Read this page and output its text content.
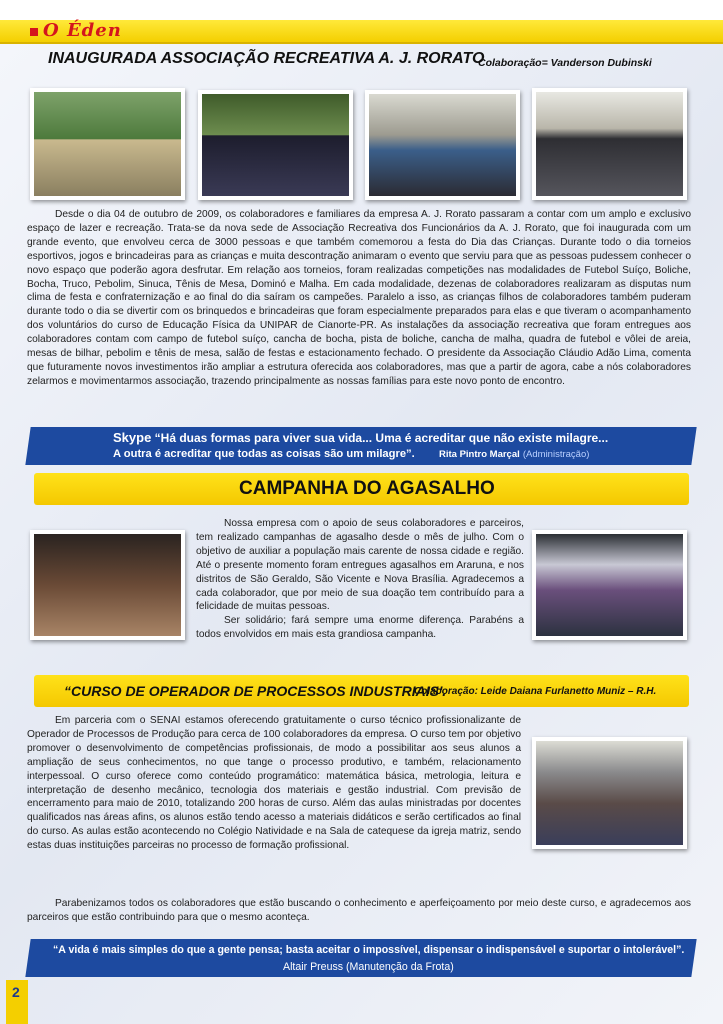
O Éden
INAUGURADA ASSOCIAÇÃO RECREATIVA A. J. RORATO
Colaboração= Vanderson Dubinski

Desde o dia 04 de outubro de 2009, os colaboradores e familiares da empresa A. J. Rorato passaram a contar com um amplo e exclusivo espaço de lazer e recreação. Trata-se da nova sede de Associação Recreativa dos Funcionários da A. J. Rorato, que foi inaugurada com um grande evento, que envolveu cerca de 3000 pessoas e que também comemorou a festa do Dia das Crianças. Durante todo o dia torneios esportivos, jogos e brincadeiras para as crianças e muita descontração animaram o evento que serviu para que as pessoas pudessem conhecer o novo espaço que poderão agora desfrutar. Em relação aos torneios, foram realizadas competições nas modalidades de Futebol Suíço, Boliche, Bocha, Truco, Pebolim, Sinuca, Tênis de Mesa, Dominó e Malha. Em cada modalidade, dezenas de colaboradores realizaram as disputas num clima de festa e confraternização e ao final do dia saíram os campeões. Paralelo a isso, as crianças filhos de colaboradores também puderam durante todo o dia se divertir com os brinquedos e brincadeiras que foram especialmente preparados para elas e que tiveram o acompanhamento dos voluntários do curso de Educação Física da UNIPAR de Cianorte-PR. As instalações da associação recreativa que foram entregues aos colaboradores contam com campo de futebol suíço, cancha de bocha, pista de boliche, cancha de malha, quadra de futebol e vôlei de areia, mesas de bilhar, pebolim e tênis de mesa, salão de festas e estacionamento fechado. O presidente da Associação Cláudio Adão Lima, comenta que futuramente novos investimentos irão ampliar a estrutura oferecida aos colaboradores, mas que a partir de agora, cabe a nós colaboradores zelarmos e movimentarmos associação, trazendo principalmente as nossas famílias para este novo ponto de encontro.

Skype “Há duas formas para viver sua vida... Uma é acreditar que não existe milagre...
A outra é acreditar que todas as coisas são um milagre”.	Rita Pintro Marçal (Administração)
CAMPANHA DO AGASALHO

Nossa empresa com o apoio de seus colaboradores e parceiros, tem realizado campanhas de agasalho desde o mês de julho. Com o objetivo de auxiliar a população mais carente de nossa cidade e região. Até o presente momento foram entregues agasalhos em Araruna, e nos distritos de São Geraldo, São Vicente e Nova Brasília. Agradecemos a cada colaborador, que por meio de sua doação tem contribuído para a felicidade de muitas pessoas.

Ser solidário; fará sempre uma enorme diferença. Parabéns a todos envolvidos em mais esta grandiosa campanha.

“CURSO DE OPERADOR DE PROCESSOS INDUSTRIAIS'.
Colaboração: Leide Daiana Furlanetto Muniz – R.H.

Em parceria com o SENAI estamos oferecendo gratuitamente o curso técnico profissionalizante de Operador de Processos de Produção para cerca de 100 colaboradores da empresa. O curso tem por objetivo promover o desenvolvimento de competências profissionais, de modo a possibilitar aos seus alunos a ampliação de seus conhecimentos, no que tange o processo produtivo, e também, relacionamento interpessoal. O curso oferece como conteúdo programático: matemática básica, metrologia, leitura e interpretação de desenho mecânico, tecnologia dos materiais e gestão industrial. Com previsão de encerramento para maio de 2010, totalizando 200 horas de curso. Além das aulas ministradas por docentes qualificados nas áreas afins, os alunos estão tendo acesso a materiais didáticos e serão certificados ao final do curso. As aulas estão acontecendo no Colégio Natividade e na Sala de catequese da igreja matriz, sendo estas duas instituições parceiras no processo de formação profissional.

Parabenizamos todos os colaboradores que estão buscando o conhecimento e aperfeiçoamento por meio deste curso, e agradecemos aos parceiros que estão contribuindo para que o mesmo aconteça.

“A vida é mais simples do que a gente pensa; basta aceitar o impossível, dispensar o indispensável e suportar o intolerável”.
Altair Preuss (Manutenção da Frota)
2
